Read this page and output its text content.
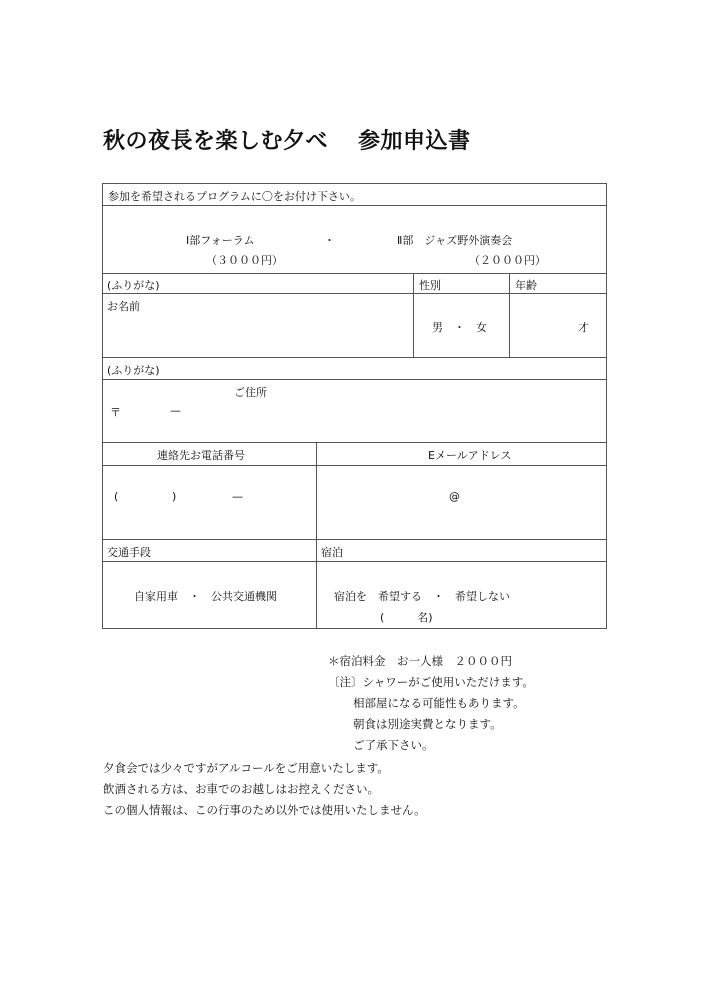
秋の夜長を楽しむ夕べ 参加申込書
参加を希望されるプログラムに〇をお付け下さい。
Ⅰ部フォーラム	・	Ⅱ部　ジャズ野外演奏会
（３０００円）	（２０００円）
(ふりがな)	性別	年齢
お名前
男　・　女	才
(ふりがな)
ご住所
〒	—
連絡先お電話番号	Eメールアドレス
(	)	—	@
交通手段	宿泊
自家用車　・　公共交通機関	宿泊を　希望する　・　希望しない
(　　　名)
＊宿泊料金　お一人様　２０００円
〔注〕シャワーがご使用いただけます。
相部屋になる可能性もあります。
朝食は別途実費となります。
ご了承下さい。
夕食会では少々ですがアルコールをご用意いたします。
飲酒される方は、お車でのお越しはお控えください。
この個人情報は、この行事のため以外では使用いたしません。
